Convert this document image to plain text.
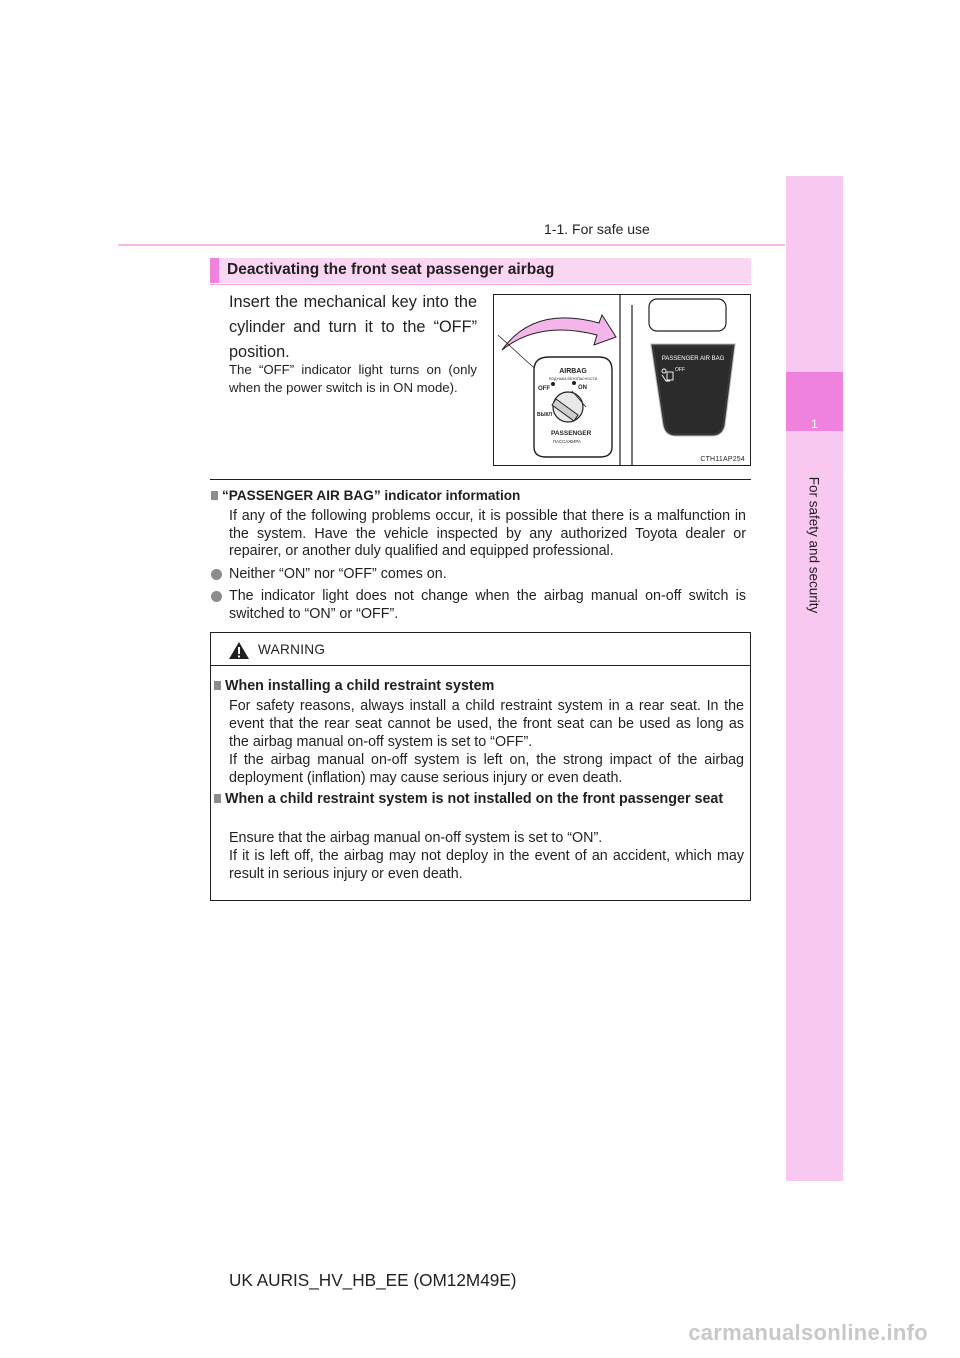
1-1. For safe use
1
For safety and security
Deactivating the front seat passenger airbag
Insert the mechanical key into the cylinder and turn it to the “OFF” position.
The “OFF” indicator light turns on (only when the power switch is in ON mode).
AIRBAG
ПОДУШКА БЕЗОПАСНОСТИ
OFF	ON
ВЫКЛ
PASSENGER
ПАССАЖИРА
PASSENGER AIR BAG
OFF
CTH11AP254
“PASSENGER AIR BAG” indicator information
If any of the following problems occur, it is possible that there is a malfunction in the system. Have the vehicle inspected by any authorized Toyota dealer or repairer, or another duly qualified and equipped professional.
Neither “ON” nor “OFF” comes on.
The indicator light does not change when the airbag manual on-off switch is switched to “ON” or “OFF”.
WARNING
When installing a child restraint system
For safety reasons, always install a child restraint system in a rear seat. In the event that the rear seat cannot be used, the front seat can be used as long as the airbag manual on-off system is set to “OFF”.
If the airbag manual on-off system is left on, the strong impact of the airbag deployment (inflation) may cause serious injury or even death.
When a child restraint system is not installed on the front passenger seat
Ensure that the airbag manual on-off system is set to “ON”.
If it is left off, the airbag may not deploy in the event of an accident, which may result in serious injury or even death.
UK AURIS_HV_HB_EE (OM12M49E)
carmanualsonline.info
